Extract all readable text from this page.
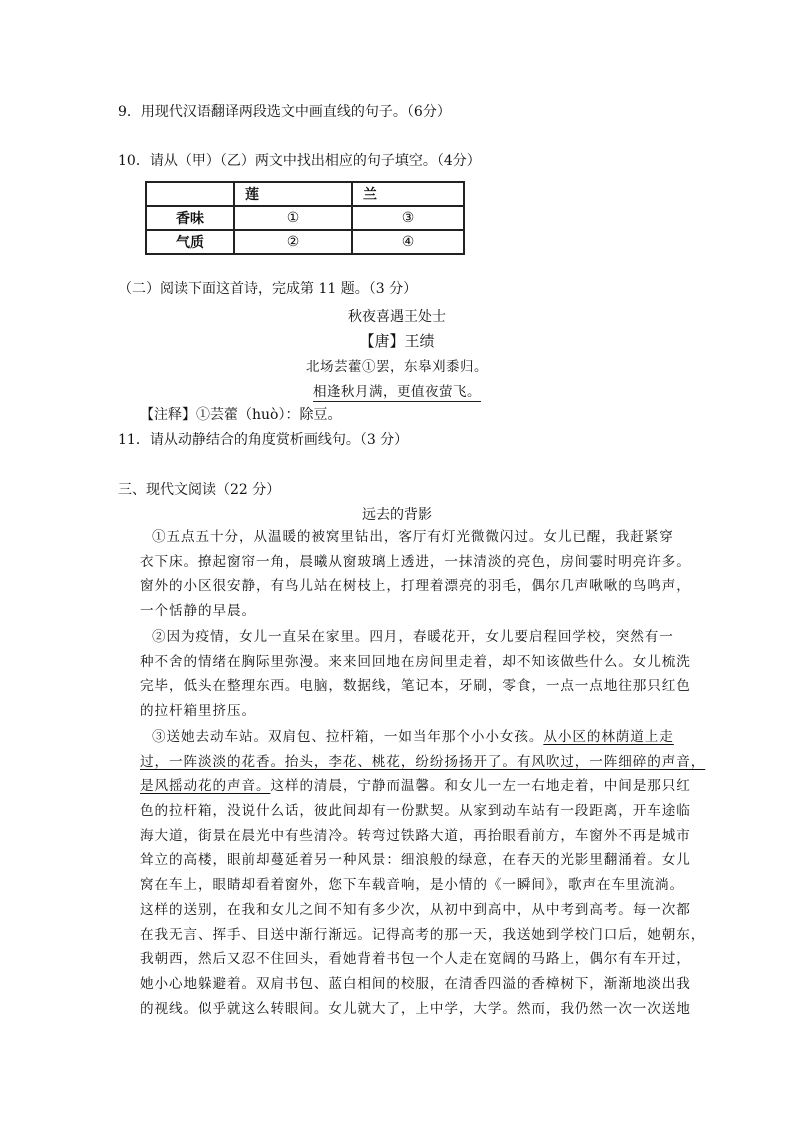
9．用现代汉语翻译两段选文中画直线的句子。（6分）
10．请从（甲）（乙）两文中找出相应的句子填空。（4分）
	莲	兰
香味	①	③
气质	②	④
（二）阅读下面这首诗，完成第 11 题。（3 分）
秋夜喜遇王处士
【唐】王绩
北场芸藿①罢，东皋刈黍归。
相逢秋月满，更值夜萤飞。
【注释】①芸藿（huò）：除豆。
11．请从动静结合的角度赏析画线句。（3 分）
三、现代文阅读（22 分）
远去的背影
①五点五十分，从温暖的被窝里钻出，客厅有灯光微微闪过。女儿已醒，我赶紧穿
衣下床。撩起窗帘一角，晨曦从窗玻璃上透进，一抹清淡的亮色，房间霎时明亮许多。
窗外的小区很安静，有鸟儿站在树枝上，打理着漂亮的羽毛，偶尔几声啾啾的鸟鸣声，
一个恬静的早晨。
②因为疫情，女儿一直呆在家里。四月，春暖花开，女儿要启程回学校，突然有一
种不舍的情绪在胸际里弥漫。来来回回地在房间里走着，却不知该做些什么。女儿梳洗
完毕，低头在整理东西。电脑，数据线，笔记本，牙刷，零食，一点一点地往那只红色
的拉杆箱里挤压。
③送她去动车站。双肩包、拉杆箱，一如当年那个小小女孩。从小区的林荫道上走
过，一阵淡淡的花香。抬头，李花、桃花，纷纷扬扬开了。有风吹过，一阵细碎的声音，
是风摇动花的声音。这样的清晨，宁静而温馨。和女儿一左一右地走着，中间是那只红
色的拉杆箱，没说什么话，彼此间却有一份默契。从家到动车站有一段距离，开车途临
海大道，街景在晨光中有些清冷。转弯过铁路大道，再抬眼看前方，车窗外不再是城市
耸立的高楼，眼前却蔓延着另一种风景：细浪般的绿意，在春天的光影里翻涌着。女儿
窝在车上，眼睛却看着窗外，您下车载音响，是小情的《一瞬间》，歌声在车里流淌。
这样的送别，在我和女儿之间不知有多少次，从初中到高中，从中考到高考。每一次都
在我无言、挥手、目送中渐行渐远。记得高考的那一天，我送她到学校门口后，她朝东，
我朝西，然后又忍不住回头，看她背着书包一个人走在宽阔的马路上，偶尔有车开过，
她小心地躲避着。双肩书包、蓝白相间的校服，在清香四溢的香樟树下，渐渐地淡出我
的视线。似乎就这么转眼间。女儿就大了，上中学，大学。然而，我仍然一次一次送地
